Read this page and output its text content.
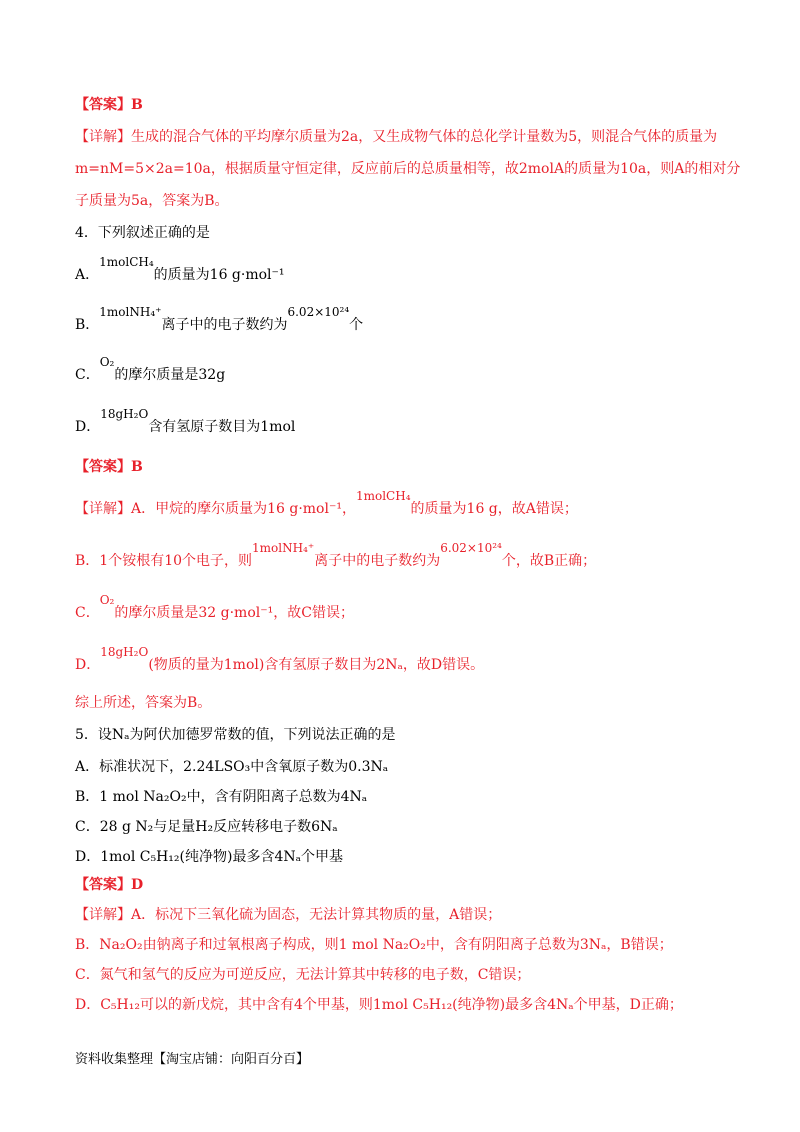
【答案】B
【详解】生成的混合气体的平均摩尔质量为2a，又生成物气体的总化学计量数为5，则混合气体的质量为
m=nM=5×2a=10a，根据质量守恒定律，反应前后的总质量相等，故2molA的质量为10a，则A的相对分
子质量为5a，答案为B。
4．下列叙述正确的是
A．1molCH₄的质量为16 g·mol⁻¹
B．1molNH₄⁺离子中的电子数约为6.02×10²⁴个
C．O₂的摩尔质量是32g
D．18gH₂O含有氢原子数目为1mol
【答案】B
【详解】A．甲烷的摩尔质量为16 g·mol⁻¹，1molCH₄的质量为16 g，故A错误；
B．1个铵根有10个电子，则1molNH₄⁺离子中的电子数约为6.02×10²⁴个，故B正确；
C．O₂的摩尔质量是32 g·mol⁻¹，故C错误；
D．18gH₂O(物质的量为1mol)含有氢原子数目为2Nₐ，故D错误。
综上所述，答案为B。
5．设Nₐ为阿伏加德罗常数的值，下列说法正确的是
A．标准状况下，2.24LSO₃中含氧原子数为0.3Nₐ
B．1 mol Na₂O₂中，含有阴阳离子总数为4Nₐ
C．28 g N₂与足量H₂反应转移电子数6Nₐ
D．1mol C₅H₁₂(纯净物)最多含4Nₐ个甲基
【答案】D
【详解】A．标况下三氧化硫为固态，无法计算其物质的量，A错误；
B．Na₂O₂由钠离子和过氧根离子构成，则1 mol Na₂O₂中，含有阴阳离子总数为3Nₐ，B错误；
C．氮气和氢气的反应为可逆反应，无法计算其中转移的电子数，C错误；
D．C₅H₁₂可以的新戊烷，其中含有4个甲基，则1mol C₅H₁₂(纯净物)最多含4Nₐ个甲基，D正确；
资料收集整理【淘宝店铺：向阳百分百】
